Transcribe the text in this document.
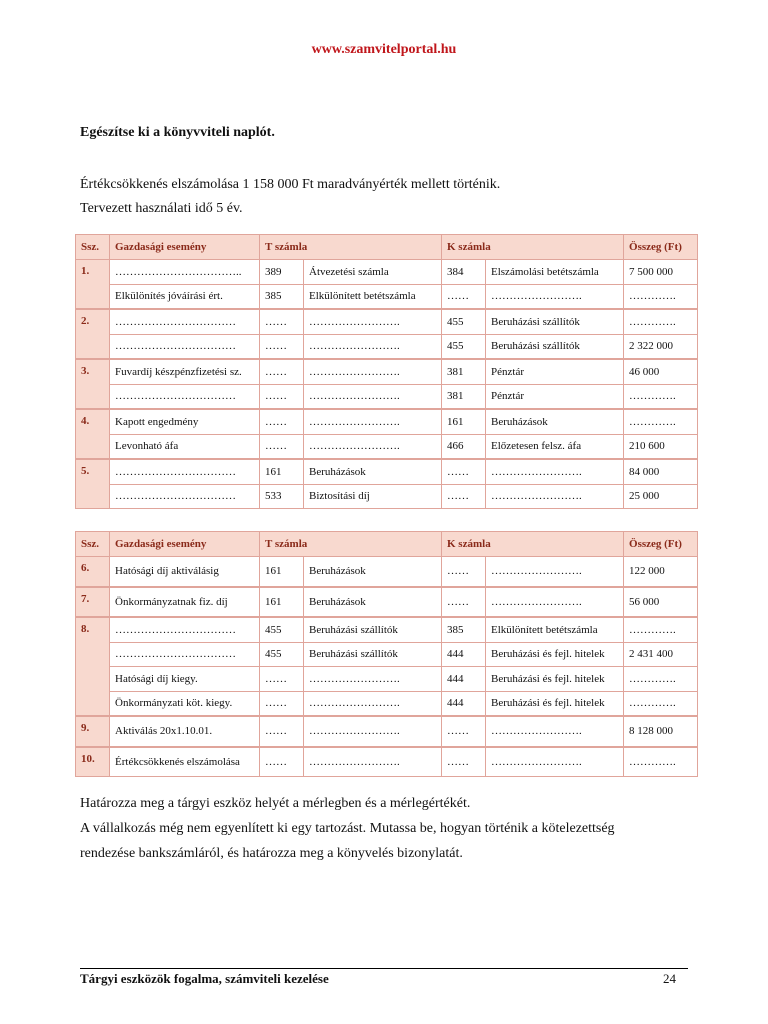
www.szamvitelportal.hu
Egészítse ki a könyvviteli naplót.
Értékcsökkenés elszámolása 1 158 000 Ft maradványérték mellett történik.
Tervezett használati idő 5 év.
Ssz.	Gazdasági esemény	T számla		K számla		Összeg (Ft)
1.	……………………………..	389	Átvezetési számla	384	Elszámolási betétszámla	7 500 000
	Elkülönítés jóváírási ért.	385	Elkülönített betétszámla	……	…………………….	………….
2.	……………………………	……	…………………….	455	Beruházási szállítók	………….
	……………………………	……	…………………….	455	Beruházási szállítók	2 322 000
3.	Fuvardíj készpénzfizetési sz.	……	…………………….	381	Pénztár	46 000
	……………………………	……	…………………….	381	Pénztár	………….
4.	Kapott engedmény	……	…………………….	161	Beruházások	………….
	Levonható áfa	……	…………………….	466	Előzetesen felsz. áfa	210 600
5.	……………………………	161	Beruházások	……	…………………….	84 000
	……………………………	533	Biztosítási díj	……	…………………….	25 000
Ssz.	Gazdasági esemény	T számla		K számla		Összeg (Ft)
6.	Hatósági díj aktiválásig	161	Beruházások	……	…………………….	122 000
7.	Önkormányzatnak fiz. díj	161	Beruházások	……	…………………….	56 000
8.	……………………………	455	Beruházási szállítók	385	Elkülönített betétszámla	………….
	……………………………	455	Beruházási szállítók	444	Beruházási és fejl. hitelek	2 431 400
	Hatósági díj kiegy.	……	…………………….	444	Beruházási és fejl. hitelek	………….
	Önkormányzati köt. kiegy.	……	…………………….	444	Beruházási és fejl. hitelek	………….
9.	Aktiválás 20x1.10.01.	……	…………………….	……	…………………….	8 128 000
10.	Értékcsökkenés elszámolása	……	…………………….	……	…………………….	………….
Határozza meg a tárgyi eszköz helyét a mérlegben és a mérlegértékét.
A vállalkozás még nem egyenlített ki egy tartozást. Mutassa be, hogyan történik a kötelezettség
rendezése bankszámláról, és határozza meg a könyvelés bizonylatát.
Tárgyi eszközök fogalma, számviteli kezelése	24
